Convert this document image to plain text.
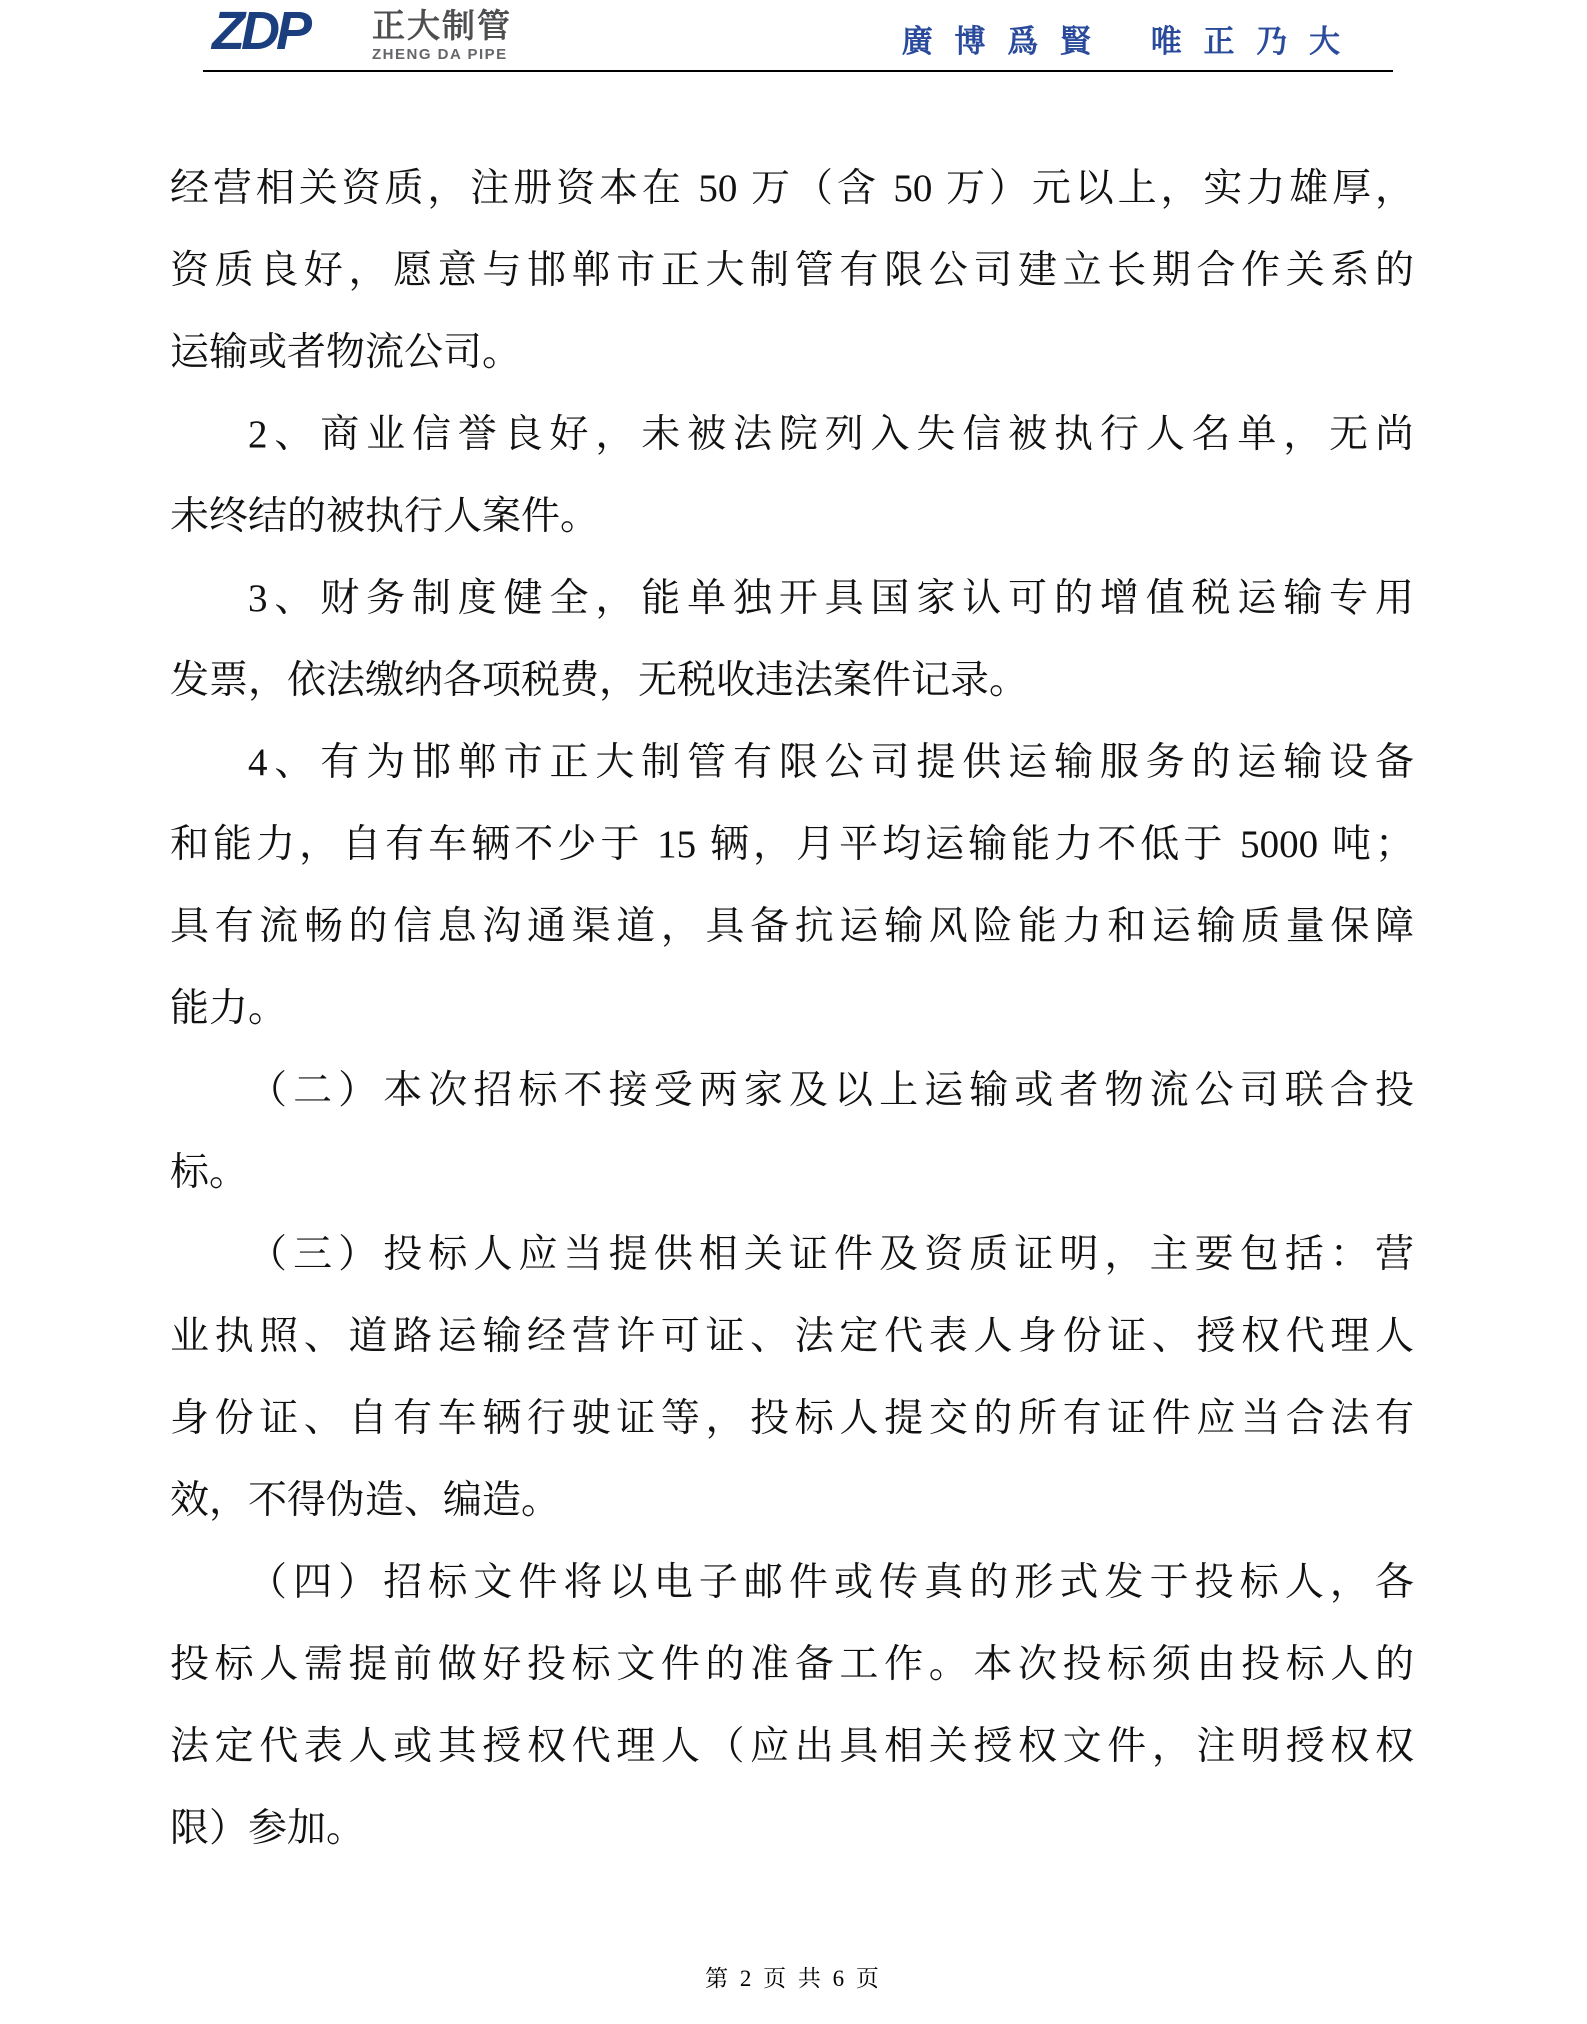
ZDP 正大制管
ZHENG DA PIPE	廣 博 爲 賢　 唯 正 乃 大
经营相关资质，注册资本在 50 万（含 50 万）元以上，实力雄厚，
资质良好，愿意与邯郸市正大制管有限公司建立长期合作关系的
运输或者物流公司。
2、商业信誉良好，未被法院列入失信被执行人名单，无尚
未终结的被执行人案件。
3、财务制度健全，能单独开具国家认可的增值税运输专用
发票，依法缴纳各项税费，无税收违法案件记录。
4、有为邯郸市正大制管有限公司提供运输服务的运输设备
和能力，自有车辆不少于 15 辆，月平均运输能力不低于 5000 吨；
具有流畅的信息沟通渠道，具备抗运输风险能力和运输质量保障
能力。
（二）本次招标不接受两家及以上运输或者物流公司联合投
标。
（三）投标人应当提供相关证件及资质证明，主要包括：营
业执照、道路运输经营许可证、法定代表人身份证、授权代理人
身份证、自有车辆行驶证等，投标人提交的所有证件应当合法有
效，不得伪造、编造。
（四）招标文件将以电子邮件或传真的形式发于投标人，各
投标人需提前做好投标文件的准备工作。本次投标须由投标人的
法定代表人或其授权代理人（应出具相关授权文件，注明授权权
限）参加。
第 2 页 共 6 页
